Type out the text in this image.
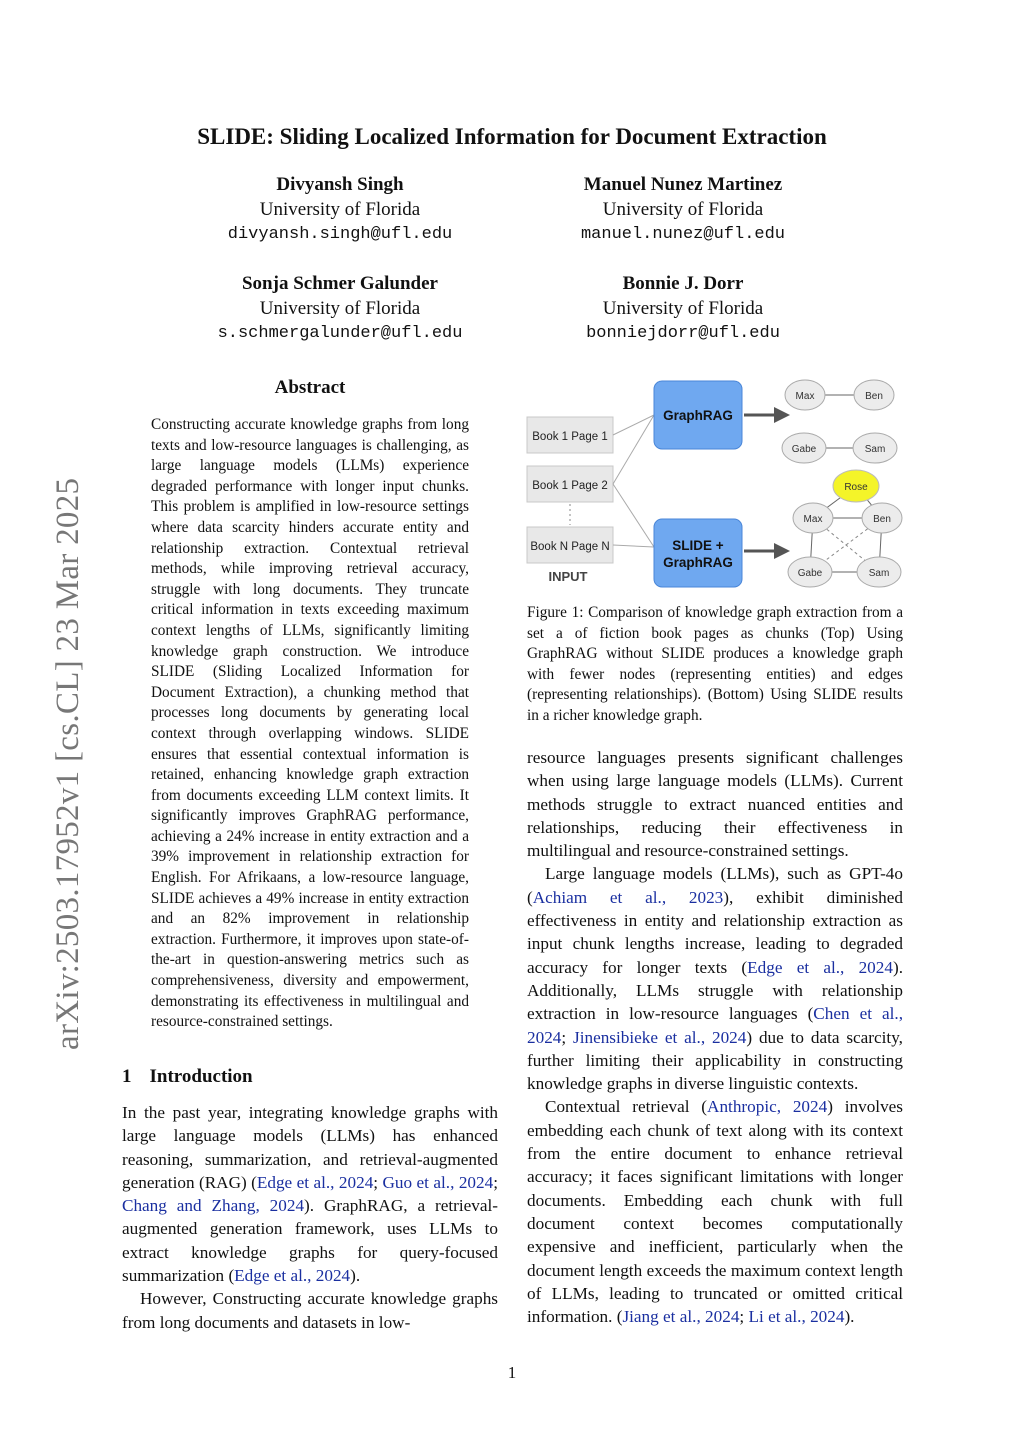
SLIDE: Sliding Localized Information for Document Extraction
Divyansh Singh
University of Florida
divyansh.singh@ufl.edu
Manuel Nunez Martinez
University of Florida
manuel.nunez@ufl.edu
Sonja Schmer Galunder
University of Florida
s.schmergalunder@ufl.edu
Bonnie J. Dorr
University of Florida
bonniejdorr@ufl.edu
arXiv:2503.17952v1 [cs.CL] 23 Mar 2025
Abstract
Constructing accurate knowledge graphs from long texts and low-resource languages is challenging, as large language models (LLMs) experience degraded performance with longer input chunks. This problem is amplified in low-resource settings where data scarcity hinders accurate entity and relationship extraction. Contextual retrieval methods, while improving retrieval accuracy, struggle with long documents. They truncate critical information in texts exceeding maximum context lengths of LLMs, significantly limiting knowledge graph construction. We introduce SLIDE (Sliding Localized Information for Document Extraction), a chunking method that processes long documents by generating local context through overlapping windows. SLIDE ensures that essential contextual information is retained, enhancing knowledge graph extraction from documents exceeding LLM context limits. It significantly improves GraphRAG performance, achieving a 24% increase in entity extraction and a 39% improvement in relationship extraction for English. For Afrikaans, a low-resource language, SLIDE achieves a 49% increase in entity extraction and an 82% improvement in relationship extraction. Furthermore, it improves upon state-of-the-art in question-answering metrics such as comprehensiveness, diversity and empowerment, demonstrating its effectiveness in multilingual and resource-constrained settings.
1 Introduction

In the past year, integrating knowledge graphs with large language models (LLMs) has enhanced reasoning, summarization, and retrieval-augmented generation (RAG) (Edge et al., 2024; Guo et al., 2024; Chang and Zhang, 2024). GraphRAG, a retrieval-augmented generation framework, uses LLMs to extract knowledge graphs for query-focused summarization (Edge et al., 2024).

However, Constructing accurate knowledge graphs from long documents and datasets in low-

Book 1 Page 1
Book 1 Page 2
Book N Page N
INPUT
GraphRAG
SLIDE +
GraphRAG
Max	Ben
Gabe	Sam
Rose
Max	Ben
Gabe	Sam
Figure 1: Comparison of knowledge graph extraction from a set a of fiction book pages as chunks (Top) Using GraphRAG without SLIDE produces a knowledge graph with fewer nodes (representing entities) and edges (representing relationships). (Bottom) Using SLIDE results in a richer knowledge graph.

resource languages presents significant challenges when using large language models (LLMs). Current methods struggle to extract nuanced entities and relationships, reducing their effectiveness in multilingual and resource-constrained settings.

Large language models (LLMs), such as GPT-4o (Achiam et al., 2023), exhibit diminished effectiveness in entity and relationship extraction as input chunk lengths increase, leading to degraded accuracy for longer texts (Edge et al., 2024). Additionally, LLMs struggle with relationship extraction in low-resource languages (Chen et al., 2024; Jinensibieke et al., 2024) due to data scarcity, further limiting their applicability in constructing knowledge graphs in diverse linguistic contexts.

Contextual retrieval (Anthropic, 2024) involves embedding each chunk of text along with its context from the entire document to enhance retrieval accuracy; it faces significant limitations with longer documents. Embedding each chunk with full document context becomes computationally expensive and inefficient, particularly when the document length exceeds the maximum context length of LLMs, leading to truncated or omitted critical information. (Jiang et al., 2024; Li et al., 2024).

1
